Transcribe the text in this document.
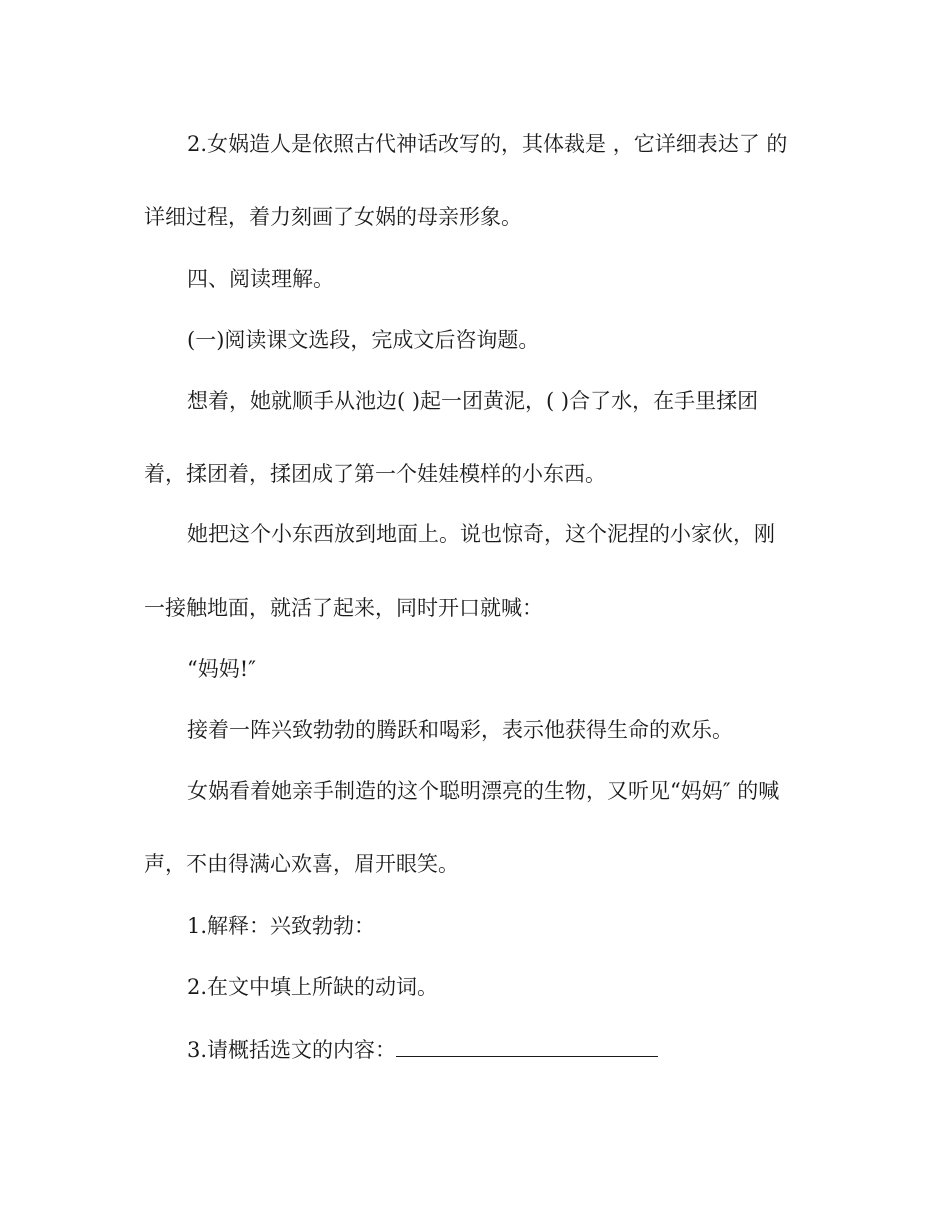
2.女娲造人是依照古代神话改写的，其体裁是 ，它详细表达了 的
详细过程，着力刻画了女娲的母亲形象。
四、阅读理解。
(一)阅读课文选段，完成文后咨询题。
想着，她就顺手从池边( )起一团黄泥，( )合了水，在手里揉团
着，揉团着，揉团成了第一个娃娃模样的小东西。
她把这个小东西放到地面上。说也惊奇，这个泥捏的小家伙，刚
一接触地面，就活了起来，同时开口就喊：
“妈妈!″
接着一阵兴致勃勃的腾跃和喝彩，表示他获得生命的欢乐。
女娲看着她亲手制造的这个聪明漂亮的生物，又听见“妈妈″ 的喊
声，不由得满心欢喜，眉开眼笑。
1.解释：兴致勃勃：
2.在文中填上所缺的动词。
3.请概括选文的内容：
